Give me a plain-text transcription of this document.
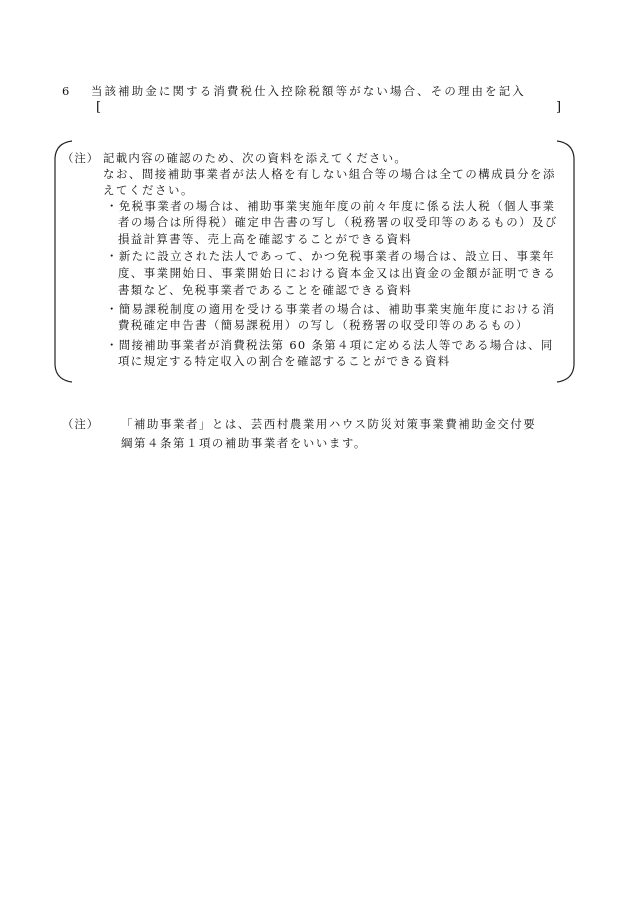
6 当該補助金に関する消費税仕入控除税額等がない場合、その理由を記入
[	]
（注） 記載内容の確認のため、次の資料を添えてください。
なお、間接補助事業者が法人格を有しない組合等の場合は全ての構成員分を添
えてください。
・免税事業者の場合は、補助事業実施年度の前々年度に係る法人税（個人事業
者の場合は所得税）確定申告書の写し（税務署の収受印等のあるもの）及び
損益計算書等、売上高を確認することができる資料
・新たに設立された法人であって、かつ免税事業者の場合は、設立日、事業年
度、事業開始日、事業開始日における資本金又は出資金の金額が証明できる
書類など、免税事業者であることを確認できる資料
・簡易課税制度の適用を受ける事業者の場合は、補助事業実施年度における消
費税確定申告書（簡易課税用）の写し（税務署の収受印等のあるもの）
・間接補助事業者が消費税法第 60 条第４項に定める法人等である場合は、同
項に規定する特定収入の割合を確認することができる資料
（注） 「補助事業者」とは、芸西村農業用ハウス防災対策事業費補助金交付要
綱第４条第１項の補助事業者をいいます。
